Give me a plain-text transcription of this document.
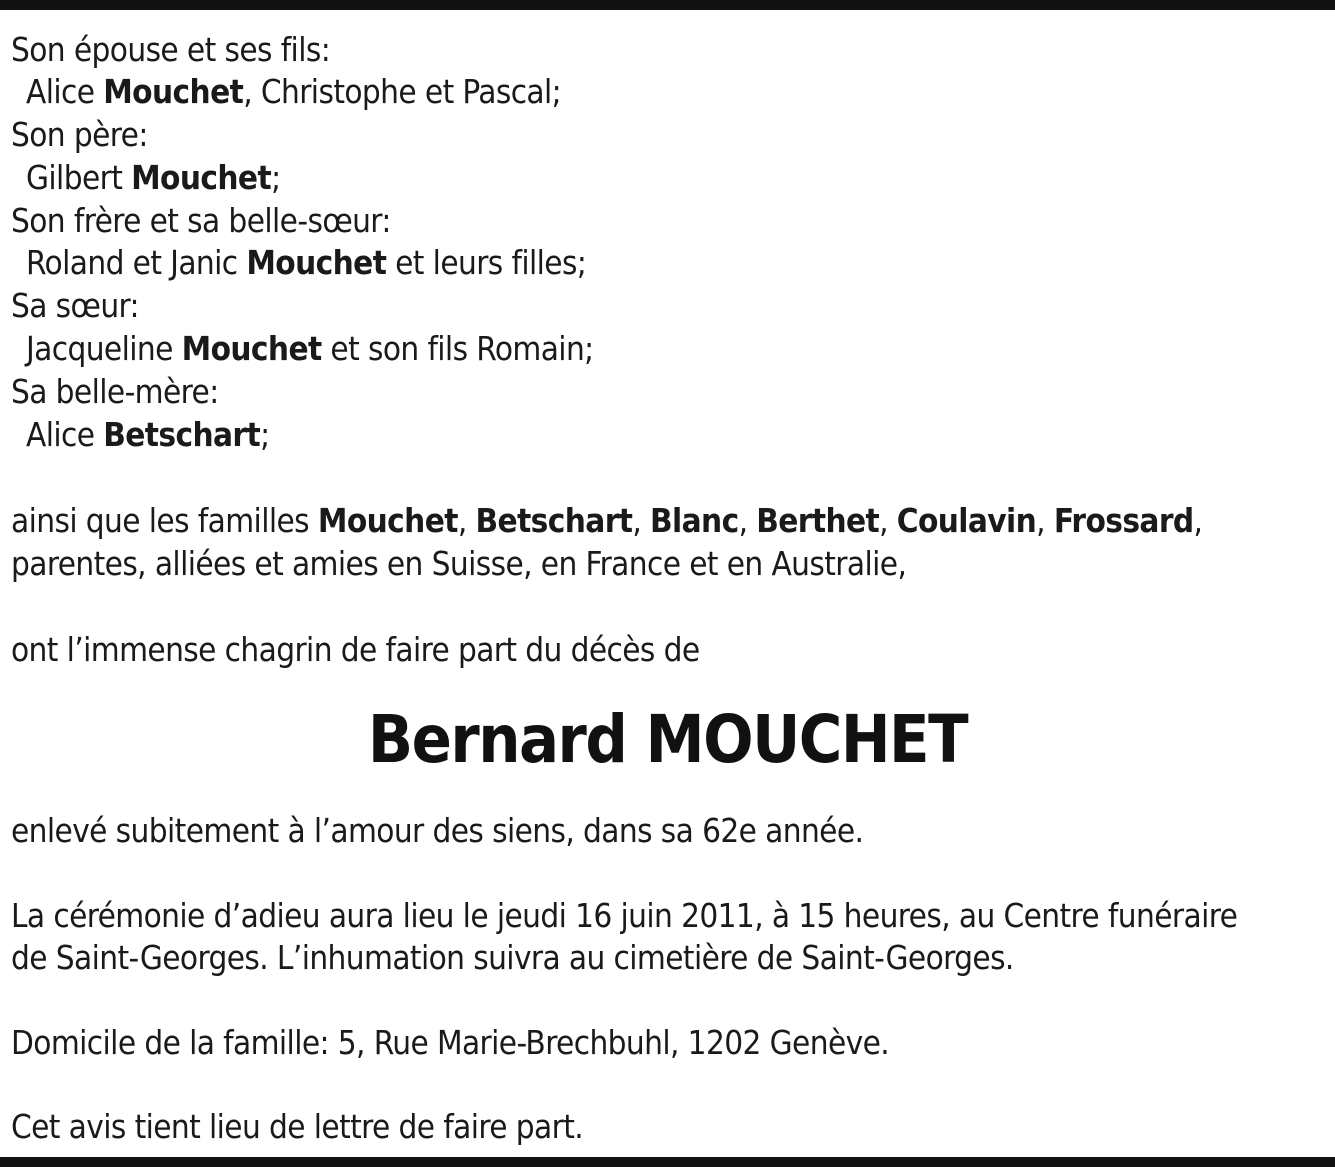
Son épouse et ses fils:
Alice Mouchet, Christophe et Pascal;
Son père:
Gilbert Mouchet;
Son frère et sa belle-sœur:
Roland et Janic Mouchet et leurs filles;
Sa sœur:
Jacqueline Mouchet et son fils Romain;
Sa belle-mère:
Alice Betschart;
ainsi que les familles Mouchet, Betschart, Blanc, Berthet, Coulavin, Frossard,
parentes, alliées et amies en Suisse, en France et en Australie,
ont l’immense chagrin de faire part du décès de
Bernard MOUCHET
enlevé subitement à l’amour des siens, dans sa 62e année.
La cérémonie d’adieu aura lieu le jeudi 16 juin 2011, à 15 heures, au Centre funéraire
de Saint-Georges. L’inhumation suivra au cimetière de Saint-Georges.
Domicile de la famille: 5, Rue Marie-Brechbuhl, 1202 Genève.
Cet avis tient lieu de lettre de faire part.
